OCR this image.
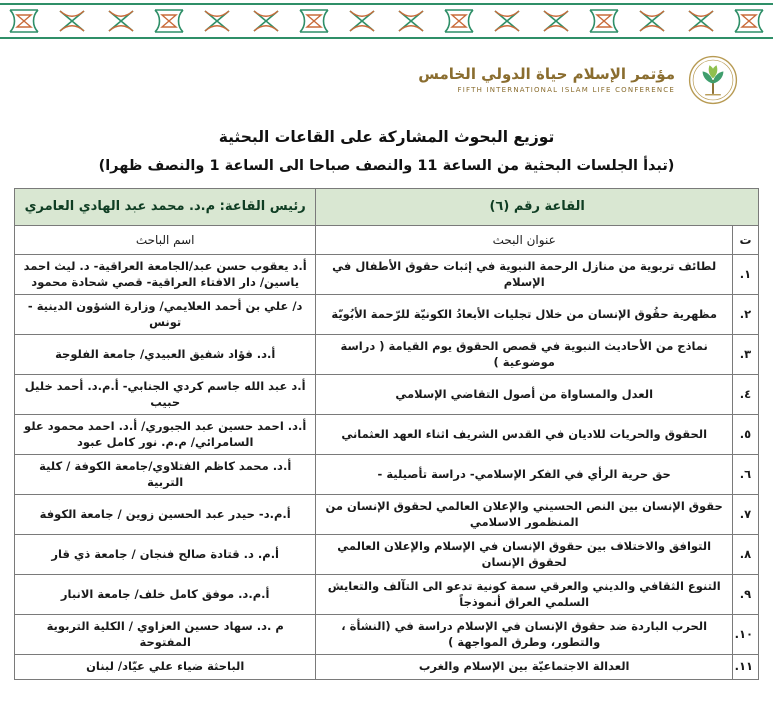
مؤتمر الإسلام حياة الدولي الخامس
FIFTH INTERNATIONAL ISLAM LIFE CONFERENCE
توزيع البحوث المشاركة على القاعات البحثية
(تبدأ الجلسات البحثية من الساعة 11 والنصف صباحا الى الساعة 1 والنصف ظهرا)
القاعة رقم (٦)		رئيس القاعة: م.د. محمد عبد الهادي العامري
ت	عنوان البحث	اسم الباحث
١.	لطائف تربوية من منازل الرحمة النبوية في إثبات حقوق الأطفال في الإسلام	أ.د يعقوب حسن عبد/الجامعة العراقية- د. ليث احمد ياسين/ دار الافتاء العراقية- قصي شحادة محمود
٢.	مظهرية حقُوق الإنسان من خلال تجليات الأبعادُ الكونيّة للرّحمة الأبُويّة	د/ علي بن أحمد العلايمي/ وزارة الشؤون الدينية - تونس
٣.	نماذج من الأحاديث النبوية في قصص الحقوق يوم القيامة ( دراسة موضوعية )	أ.د. فؤاد شفيق العبيدي/ جامعة الفلوجة
٤.	العدل والمساواة من أصول التقاضي الإسلامي	أ.د عبد الله جاسم كردي الجنابي- أ.م.د. أحمد خليل حبيب
٥.	الحقوق والحريات للاديان في القدس الشريف اثناء العهد العثماني	أ.د. احمد حسين عبد الجبوري/ أ.د. احمد محمود علو السامرائي/ م.م. نور كامل عبود
٦.	حق حرية الرأي في الفكر الإسلامي- دراسة تأصيلية -	أ.د. محمد كاظم الفتلاوي/جامعة الكوفة / كلية التربية
٧.	حقوق الإنسان بين النص الحسيني والإعلان العالمي لحقوق الإنسان من المنظمور الاسلامي	أ.م.د- حيدر عبد الحسين زوين / جامعة الكوفة
٨.	التوافق والاختلاف بين حقوق الإنسان في الإسلام والإعلان العالمي لحقوق الإنسان	أ.م. د. قتادة صالح فنجان / جامعة ذي قار
٩.	التنوع الثقافي والديني والعرقي سمة كونية تدعو الى التآلف والتعايش السلمي العراق أنموذجاً	أ.م.د. موفق كامل خلف/ جامعة الانبار
١٠.	الحرب الباردة ضد حقوق الإنسان في الإسلام دراسة في (النشأة ، والتطور، وطرق المواجهة )	م .د. سهاد حسين العزاوي / الكلية التربوية المفتوحة
١١.	العدالة الاجتماعيّة بين الإسلام والغرب	الباحثة ضياء علي عيّاد/ لبنان
